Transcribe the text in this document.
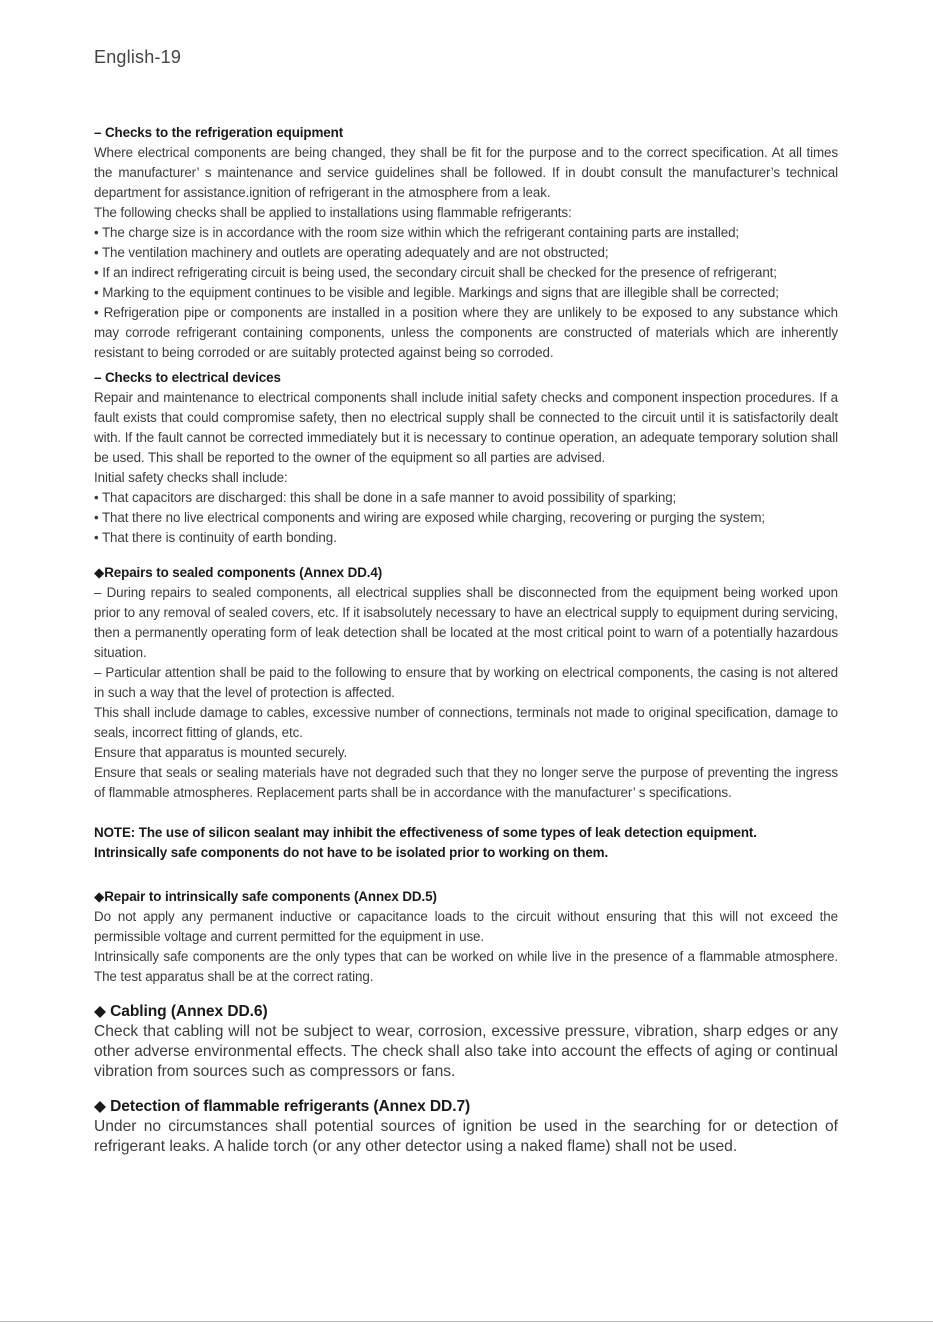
English-19

– Checks to the refrigeration equipment

Where electrical components are being changed, they shall be fit for the purpose and to the correct specification. At all times the manufacturer’ s maintenance and service guidelines shall be followed. If in doubt consult the manufacturer’s technical department for assistance.ignition of refrigerant in the atmosphere from a leak.

The following checks shall be applied to installations using flammable refrigerants:

• The charge size is in accordance with the room size within which the refrigerant containing parts are installed;

• The ventilation machinery and outlets are operating adequately and are not obstructed;

• If an indirect refrigerating circuit is being used, the secondary circuit shall be checked for the presence of refrigerant;

• Marking to the equipment continues to be visible and legible. Markings and signs that are illegible shall be corrected;

• Refrigeration pipe or components are installed in a position where they are unlikely to be exposed to any substance which may corrode refrigerant containing components, unless the components are constructed of materials which are inherently resistant to being corroded or are suitably protected against being so corroded.

– Checks to electrical devices

Repair and maintenance to electrical components shall include initial safety checks and component inspection procedures. If a fault exists that could compromise safety, then no electrical supply shall be connected to the circuit until it is satisfactorily dealt with. If the fault cannot be corrected immediately but it is necessary to continue operation, an adequate temporary solution shall be used. This shall be reported to the owner of the equipment so all parties are advised.

Initial safety checks shall include:

• That capacitors are discharged: this shall be done in a safe manner to avoid possibility of sparking;

• That there no live electrical components and wiring are exposed while charging, recovering or purging the system;

• That there is continuity of earth bonding.

◆Repairs to sealed components (Annex DD.4)

– During repairs to sealed components, all electrical supplies shall be disconnected from the equipment being worked upon prior to any removal of sealed covers, etc. If it isabsolutely necessary to have an electrical supply to equipment during servicing, then a permanently operating form of leak detection shall be located at the most critical point to warn of a potentially hazardous situation.

– Particular attention shall be paid to the following to ensure that by working on electrical components, the casing is not altered in such a way that the level of protection is affected.

This shall include damage to cables, excessive number of connections, terminals not made to original specification, damage to seals, incorrect fitting of glands, etc.

Ensure that apparatus is mounted securely.

Ensure that seals or sealing materials have not degraded such that they no longer serve the purpose of preventing the ingress of flammable atmospheres. Replacement parts shall be in accordance with the manufacturer’ s specifications.

NOTE: The use of silicon sealant may inhibit the effectiveness of some types of leak detection equipment.

Intrinsically safe components do not have to be isolated prior to working on them.

◆Repair to intrinsically safe components (Annex DD.5)

Do not apply any permanent inductive or capacitance loads to the circuit without ensuring that this will not exceed the permissible voltage and current permitted for the equipment in use.

Intrinsically safe components are the only types that can be worked on while live in the presence of a flammable atmosphere. The test apparatus shall be at the correct rating.

◆ Cabling (Annex DD.6)

Check that cabling will not be subject to wear, corrosion, excessive pressure, vibration, sharp edges or any other adverse environmental effects. The check shall also take into account the effects of aging or continual vibration from sources such as compressors or fans.

◆ Detection of flammable refrigerants (Annex DD.7)

Under no circumstances shall potential sources of ignition be used in the searching for or detection of refrigerant leaks. A halide torch (or any other detector using a naked flame) shall not be used.
